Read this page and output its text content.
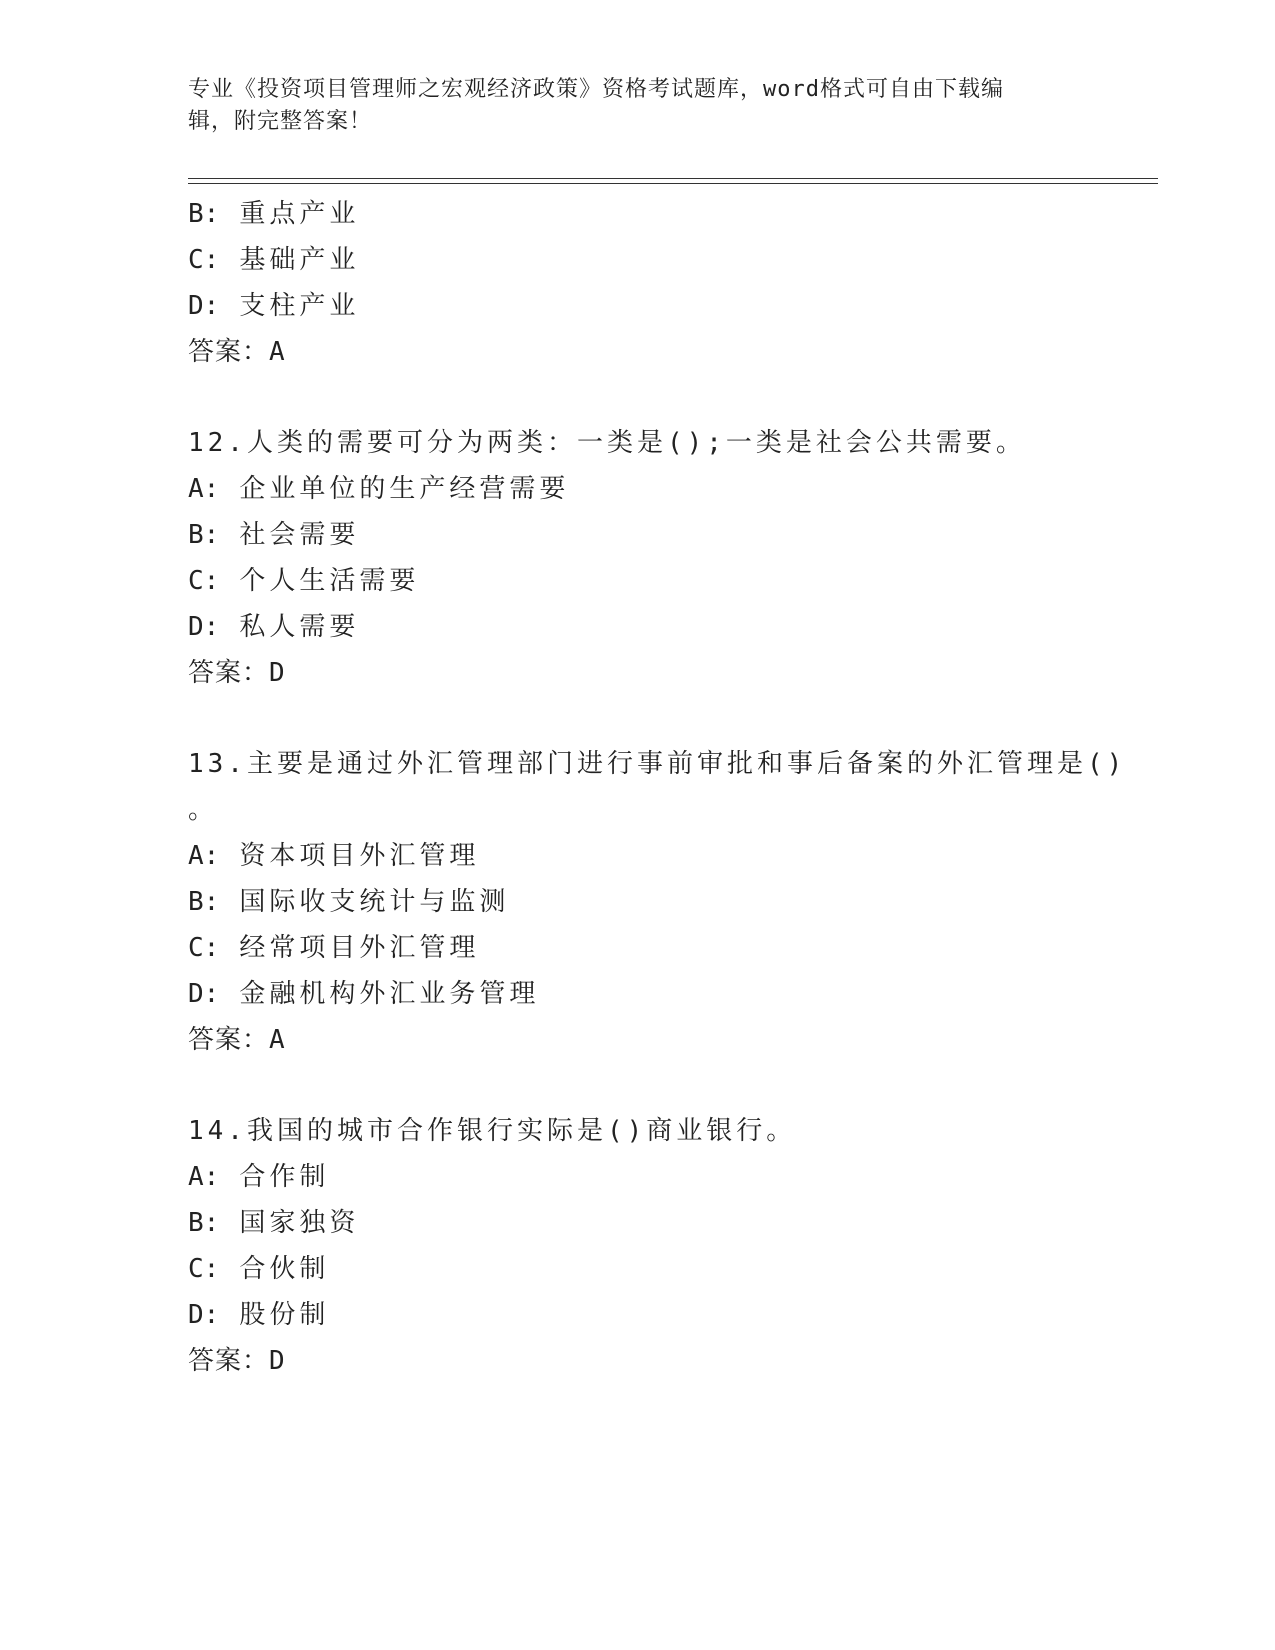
专业《投资项目管理师之宏观经济政策》资格考试题库，word格式可自由下载编
辑，附完整答案！
B: 重点产业
C: 基础产业
D: 支柱产业
答案：A
12.人类的需要可分为两类：一类是();一类是社会公共需要。
A: 企业单位的生产经营需要
B: 社会需要
C: 个人生活需要
D: 私人需要
答案：D
13.主要是通过外汇管理部门进行事前审批和事后备案的外汇管理是()
。
A: 资本项目外汇管理
B: 国际收支统计与监测
C: 经常项目外汇管理
D: 金融机构外汇业务管理
答案：A
14.我国的城市合作银行实际是()商业银行。
A: 合作制
B: 国家独资
C: 合伙制
D: 股份制
答案：D
